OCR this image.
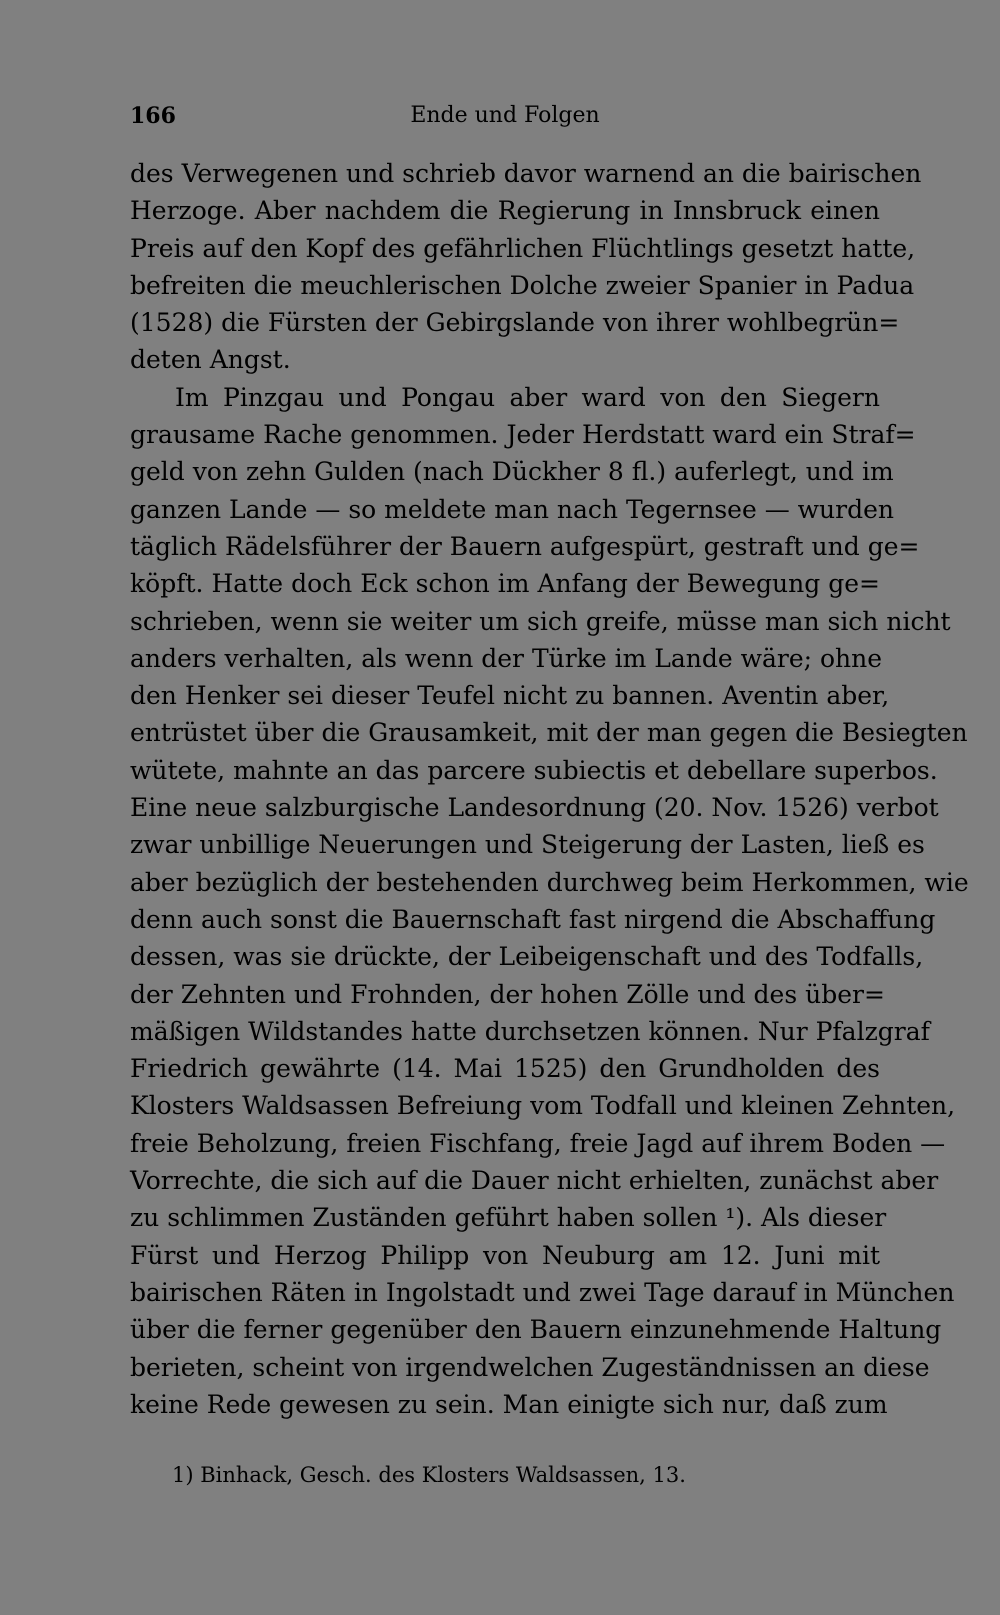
166	Ende und Folgen
des Verwegenen und schrieb davor warnend an die bairischen
Herzoge. Aber nachdem die Regierung in Innsbruck einen
Preis auf den Kopf des gefährlichen Flüchtlings gesetzt hatte,
befreiten die meuchlerischen Dolche zweier Spanier in Padua
(1528) die Fürsten der Gebirgslande von ihrer wohlbegrün=
deten Angst.
Im Pinzgau und Pongau aber ward von den Siegern
grausame Rache genommen. Jeder Herdstatt ward ein Straf=
geld von zehn Gulden (nach Dückher 8 fl.) auferlegt, und im
ganzen Lande — so meldete man nach Tegernsee — wurden
täglich Rädelsführer der Bauern aufgespürt, gestraft und ge=
köpft. Hatte doch Eck schon im Anfang der Bewegung ge=
schrieben, wenn sie weiter um sich greife, müsse man sich nicht
anders verhalten, als wenn der Türke im Lande wäre; ohne
den Henker sei dieser Teufel nicht zu bannen. Aventin aber,
entrüstet über die Grausamkeit, mit der man gegen die Besiegten
wütete, mahnte an das parcere subiectis et debellare superbos.
Eine neue salzburgische Landesordnung (20. Nov. 1526) verbot
zwar unbillige Neuerungen und Steigerung der Lasten, ließ es
aber bezüglich der bestehenden durchweg beim Herkommen, wie
denn auch sonst die Bauernschaft fast nirgend die Abschaffung
dessen, was sie drückte, der Leibeigenschaft und des Todfalls,
der Zehnten und Frohnden, der hohen Zölle und des über=
mäßigen Wildstandes hatte durchsetzen können. Nur Pfalzgraf
Friedrich gewährte (14. Mai 1525) den Grundholden des
Klosters Waldsassen Befreiung vom Todfall und kleinen Zehnten,
freie Beholzung, freien Fischfang, freie Jagd auf ihrem Boden —
Vorrechte, die sich auf die Dauer nicht erhielten, zunächst aber
zu schlimmen Zuständen geführt haben sollen ¹). Als dieser
Fürst und Herzog Philipp von Neuburg am 12. Juni mit
bairischen Räten in Ingolstadt und zwei Tage darauf in München
über die ferner gegenüber den Bauern einzunehmende Haltung
berieten, scheint von irgendwelchen Zugeständnissen an diese
keine Rede gewesen zu sein. Man einigte sich nur, daß zum
1) Binhack, Gesch. des Klosters Waldsassen, 13.
